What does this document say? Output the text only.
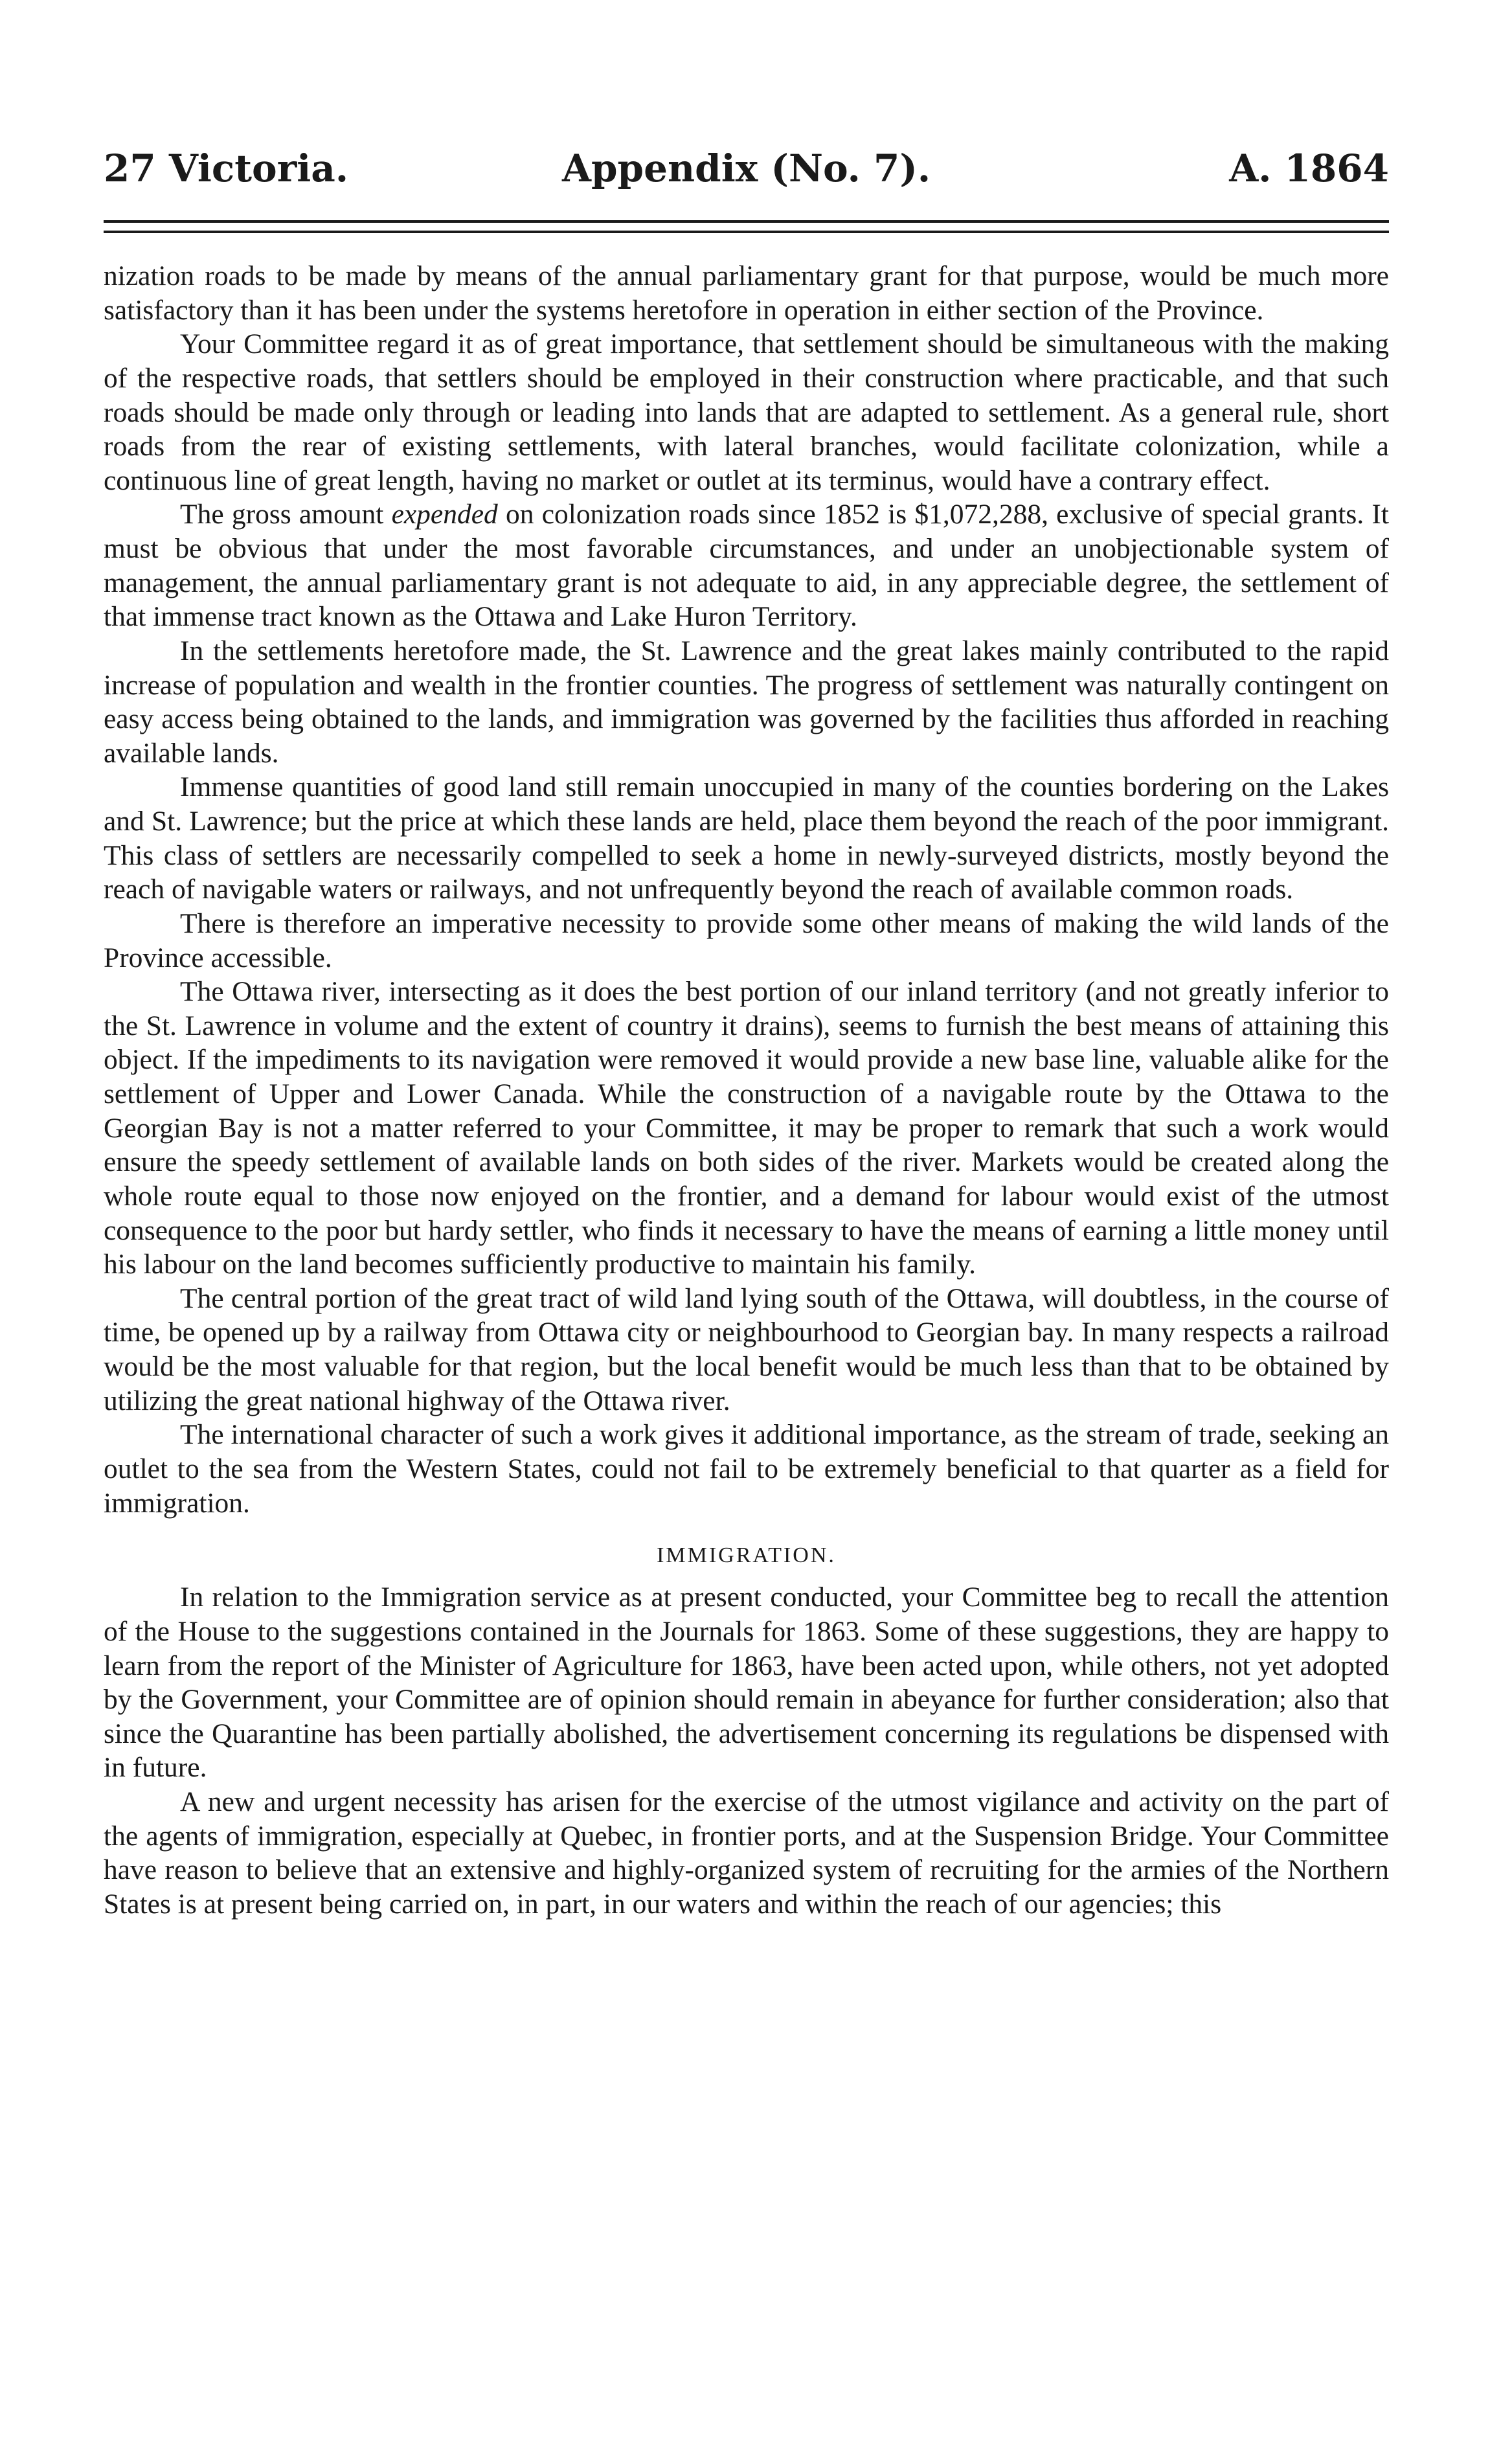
27 Victoria.	Appendix (No. 7).	A. 1864

nization roads to be made by means of the annual parliamentary grant for that purpose, would be much more satisfactory than it has been under the systems heretofore in operation in either section of the Province.

Your Committee regard it as of great importance, that settlement should be simultaneous with the making of the respective roads, that settlers should be employed in their construction where practicable, and that such roads should be made only through or leading into lands that are adapted to settlement. As a general rule, short roads from the rear of existing settlements, with lateral branches, would facilitate colonization, while a continuous line of great length, having no market or outlet at its terminus, would have a contrary effect.

The gross amount expended on colonization roads since 1852 is $1,072,288, exclusive of special grants. It must be obvious that under the most favorable circumstances, and under an unobjectionable system of management, the annual parliamentary grant is not adequate to aid, in any appreciable degree, the settlement of that immense tract known as the Ottawa and Lake Huron Territory.

In the settlements heretofore made, the St. Lawrence and the great lakes mainly contributed to the rapid increase of population and wealth in the frontier counties. The progress of settlement was naturally contingent on easy access being obtained to the lands, and immigration was governed by the facilities thus afforded in reaching available lands.

Immense quantities of good land still remain unoccupied in many of the counties bordering on the Lakes and St. Lawrence; but the price at which these lands are held, place them beyond the reach of the poor immigrant. This class of settlers are necessarily compelled to seek a home in newly-surveyed districts, mostly beyond the reach of navigable waters or railways, and not unfrequently beyond the reach of available common roads.

There is therefore an imperative necessity to provide some other means of making the wild lands of the Province accessible.

The Ottawa river, intersecting as it does the best portion of our inland territory (and not greatly inferior to the St. Lawrence in volume and the extent of country it drains), seems to furnish the best means of attaining this object. If the impediments to its navigation were removed it would provide a new base line, valuable alike for the settlement of Upper and Lower Canada. While the construction of a navigable route by the Ottawa to the Georgian Bay is not a matter referred to your Committee, it may be proper to remark that such a work would ensure the speedy settlement of available lands on both sides of the river. Markets would be created along the whole route equal to those now enjoyed on the frontier, and a demand for labour would exist of the utmost consequence to the poor but hardy settler, who finds it necessary to have the means of earning a little money until his labour on the land becomes sufficiently productive to maintain his family.

The central portion of the great tract of wild land lying south of the Ottawa, will doubtless, in the course of time, be opened up by a railway from Ottawa city or neighbourhood to Georgian bay. In many respects a railroad would be the most valuable for that region, but the local benefit would be much less than that to be obtained by utilizing the great national highway of the Ottawa river.

The international character of such a work gives it additional importance, as the stream of trade, seeking an outlet to the sea from the Western States, could not fail to be extremely beneficial to that quarter as a field for immigration.

IMMIGRATION.

In relation to the Immigration service as at present conducted, your Committee beg to recall the attention of the House to the suggestions contained in the Journals for 1863. Some of these suggestions, they are happy to learn from the report of the Minister of Agriculture for 1863, have been acted upon, while others, not yet adopted by the Government, your Committee are of opinion should remain in abeyance for further consideration; also that since the Quarantine has been partially abolished, the advertisement concerning its regulations be dispensed with in future.

A new and urgent necessity has arisen for the exercise of the utmost vigilance and activity on the part of the agents of immigration, especially at Quebec, in frontier ports, and at the Suspension Bridge. Your Committee have reason to believe that an extensive and highly-organized system of recruiting for the armies of the Northern States is at present being carried on, in part, in our waters and within the reach of our agencies; this
